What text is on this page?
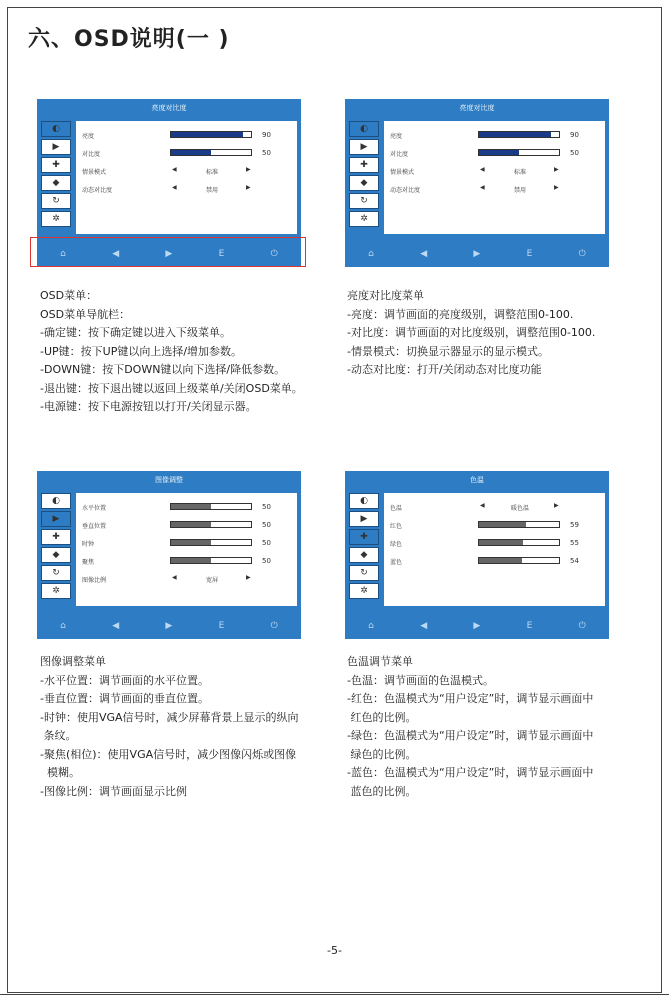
六、OSD说明(一 )
亮度对比度
◐
▶
✚
◆
↻
✲
亮度	90
对比度	50
情景模式	◀	标准	▶
动态对比度	◀	禁用	▶
⌂	◀	▶	E	⏻
亮度对比度
◐
▶
✚
◆
↻
✲
亮度	90
对比度	50
情景模式	◀	标准	▶
动态对比度	◀	禁用	▶
⌂	◀	▶	E	⏻
图像调整
◐
▶
✚
◆
↻
✲
水平位置	50
垂直位置	50
时钟	50
聚焦	50
图像比例	◀	宽屏	▶
⌂	◀	▶	E	⏻
色温
◐
▶
✚
◆
↻
✲
色温	◀	暖色温	▶
红色	59
绿色	55
蓝色	54
⌂	◀	▶	E	⏻
OSD菜单：
OSD菜单导航栏：
-确定键：按下确定键以进入下级菜单。
-UP键：按下UP键以向上选择/增加参数。
-DOWN键：按下DOWN键以向下选择/降低参数。
-退出键：按下退出键以返回上级菜单/关闭OSD菜单。
-电源键：按下电源按钮以打开/关闭显示器。
亮度对比度菜单
-亮度：调节画面的亮度级别，调整范围0-100.
-对比度：调节画面的对比度级别，调整范围0-100.
-情景模式：切换显示器显示的显示模式。
-动态对比度：打开/关闭动态对比度功能
图像调整菜单
-水平位置：调节画面的水平位置。
-垂直位置：调节画面的垂直位置。
-时钟：使用VGA信号时，减少屏幕背景上显示的纵向
条纹。
-聚焦(相位)：使用VGA信号时，减少图像闪烁或图像
模糊。
-图像比例：调节画面显示比例
色温调节菜单
-色温：调节画面的色温模式。
-红色：色温模式为“用户设定”时，调节显示画面中
红色的比例。
-绿色：色温模式为“用户设定”时，调节显示画面中
绿色的比例。
-蓝色：色温模式为“用户设定”时，调节显示画面中
蓝色的比例。
-5-
